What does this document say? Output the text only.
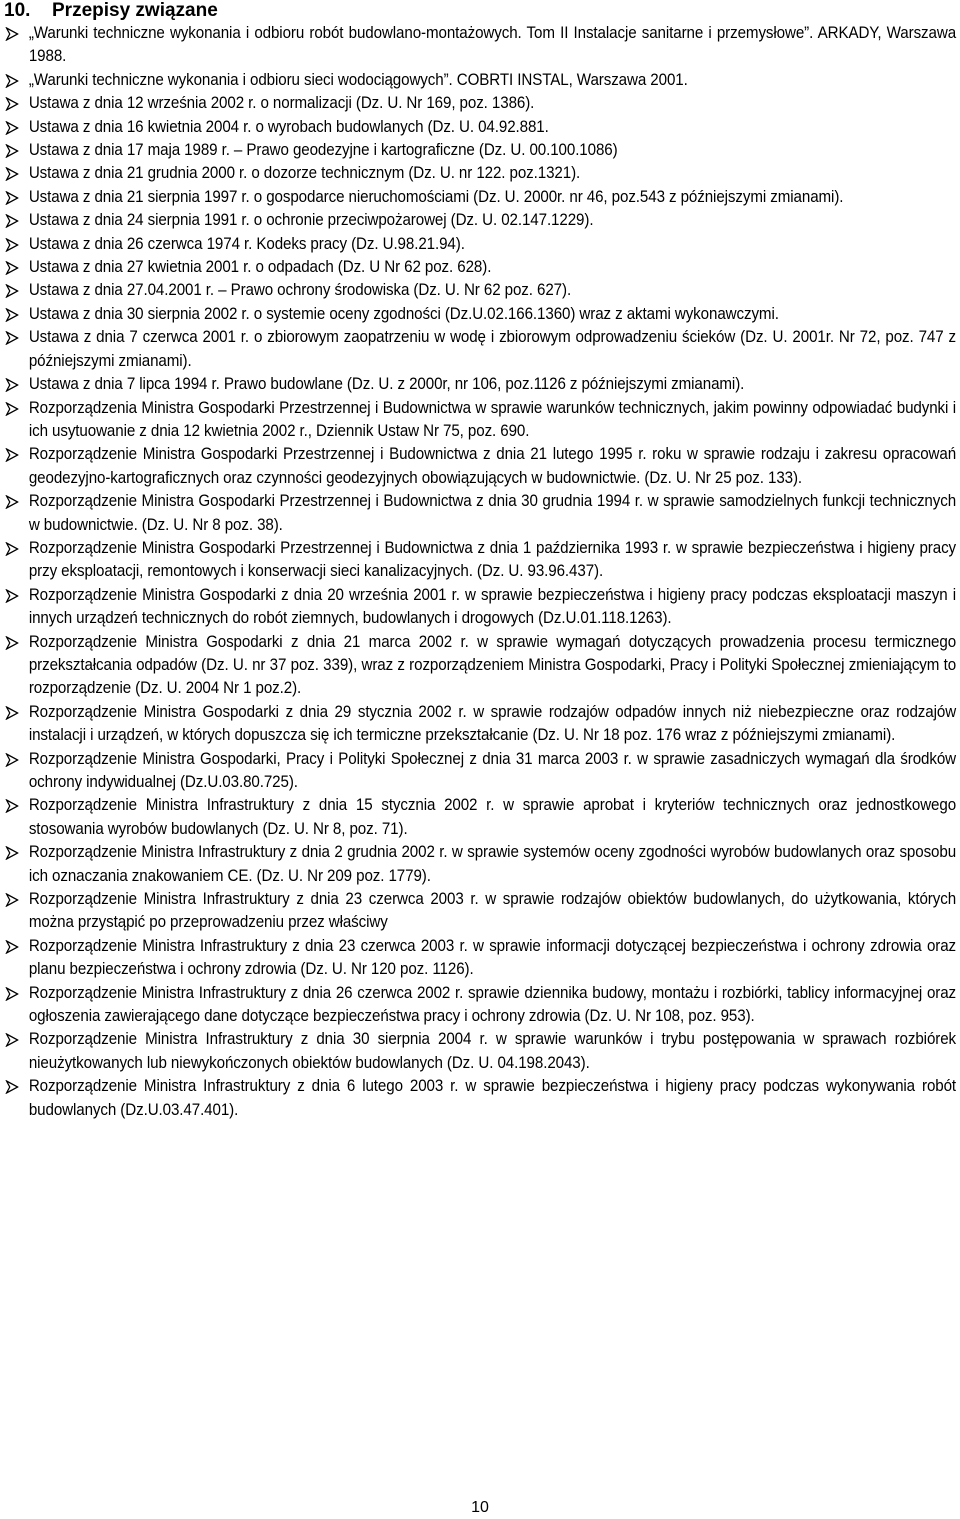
10. Przepisy związane
„Warunki techniczne wykonania i odbioru robót budowlano-montażowych. Tom II Instalacje sanitarne i przemysłowe”. ARKADY, Warszawa 1988.
„Warunki techniczne wykonania i odbioru sieci wodociągowych”. COBRTI INSTAL, Warszawa 2001.
Ustawa z dnia 12 września 2002 r. o normalizacji (Dz. U. Nr 169, poz. 1386).
Ustawa z dnia 16 kwietnia 2004 r. o wyrobach budowlanych (Dz. U. 04.92.881.
Ustawa z dnia 17 maja 1989 r. – Prawo geodezyjne i kartograficzne (Dz. U. 00.100.1086)
Ustawa z dnia 21 grudnia 2000 r. o dozorze technicznym (Dz. U. nr 122. poz.1321).
Ustawa z dnia 21 sierpnia 1997 r. o gospodarce nieruchomościami (Dz. U. 2000r. nr 46, poz.543 z późniejszymi zmianami).
Ustawa z dnia 24 sierpnia 1991 r. o ochronie przeciwpożarowej (Dz. U. 02.147.1229).
Ustawa z dnia 26 czerwca 1974 r. Kodeks pracy (Dz. U.98.21.94).
Ustawa z dnia 27 kwietnia 2001 r. o odpadach (Dz. U Nr 62 poz. 628).
Ustawa z dnia 27.04.2001 r. – Prawo ochrony środowiska (Dz. U. Nr 62 poz. 627).
Ustawa z dnia 30 sierpnia 2002 r. o systemie oceny zgodności (Dz.U.02.166.1360) wraz z aktami wykonawczymi.
Ustawa z dnia 7 czerwca 2001 r. o zbiorowym zaopatrzeniu w wodę i zbiorowym odprowadzeniu ścieków (Dz. U. 2001r. Nr 72, poz. 747 z późniejszymi zmianami).
Ustawa z dnia 7 lipca 1994 r. Prawo budowlane (Dz. U. z 2000r, nr 106, poz.1126 z późniejszymi zmianami).
Rozporządzenia Ministra Gospodarki Przestrzennej i Budownictwa w sprawie warunków technicznych, jakim powinny odpowiadać budynki i ich usytuowanie z dnia 12 kwietnia 2002 r., Dziennik Ustaw Nr 75, poz. 690.
Rozporządzenie Ministra Gospodarki Przestrzennej i Budownictwa z dnia 21 lutego 1995 r. roku w sprawie rodzaju i zakresu opracowań geodezyjno-kartograficznych oraz czynności geodezyjnych obowiązujących w budownictwie. (Dz. U. Nr 25 poz. 133).
Rozporządzenie Ministra Gospodarki Przestrzennej i Budownictwa z dnia 30 grudnia 1994 r. w sprawie samodzielnych funkcji technicznych w budownictwie. (Dz. U. Nr 8 poz. 38).
Rozporządzenie Ministra Gospodarki Przestrzennej i Budownictwa z dnia 1 października 1993 r. w sprawie bezpieczeństwa i higieny pracy przy eksploatacji, remontowych i konserwacji sieci kanalizacyjnych. (Dz. U. 93.96.437).
Rozporządzenie Ministra Gospodarki z dnia 20 września 2001 r. w sprawie bezpieczeństwa i higieny pracy podczas eksploatacji maszyn i innych urządzeń technicznych do robót ziemnych, budowlanych i drogowych (Dz.U.01.118.1263).
Rozporządzenie Ministra Gospodarki z dnia 21 marca 2002 r. w sprawie wymagań dotyczących prowadzenia procesu termicznego przekształcania odpadów (Dz. U. nr 37 poz. 339), wraz z rozporządzeniem Ministra Gospodarki, Pracy i Polityki Społecznej zmieniającym to rozporządzenie (Dz. U. 2004 Nr 1 poz.2).
Rozporządzenie Ministra Gospodarki z dnia 29 stycznia 2002 r. w sprawie rodzajów odpadów innych niż niebezpieczne oraz rodzajów instalacji i urządzeń, w których dopuszcza się ich termiczne przekształcanie (Dz. U. Nr 18 poz. 176 wraz z późniejszymi zmianami).
Rozporządzenie Ministra Gospodarki, Pracy i Polityki Społecznej z dnia 31 marca 2003 r. w sprawie zasadniczych wymagań dla środków ochrony indywidualnej (Dz.U.03.80.725).
Rozporządzenie Ministra Infrastruktury z dnia 15 stycznia 2002 r. w sprawie aprobat i kryteriów technicznych oraz jednostkowego stosowania wyrobów budowlanych (Dz. U. Nr 8, poz. 71).
Rozporządzenie Ministra Infrastruktury z dnia 2 grudnia 2002 r. w sprawie systemów oceny zgodności wyrobów budowlanych oraz sposobu ich oznaczania znakowaniem CE. (Dz. U. Nr 209 poz. 1779).
Rozporządzenie Ministra Infrastruktury z dnia 23 czerwca 2003 r. w sprawie rodzajów obiektów budowlanych, do użytkowania, których można przystąpić po przeprowadzeniu przez właściwy
Rozporządzenie Ministra Infrastruktury z dnia 23 czerwca 2003 r. w sprawie informacji dotyczącej bezpieczeństwa i ochrony zdrowia oraz planu bezpieczeństwa i ochrony zdrowia (Dz. U. Nr 120 poz. 1126).
Rozporządzenie Ministra Infrastruktury z dnia 26 czerwca 2002 r. sprawie dziennika budowy, montażu i rozbiórki, tablicy informacyjnej oraz ogłoszenia zawierającego dane dotyczące bezpieczeństwa pracy i ochrony zdrowia (Dz. U. Nr 108, poz. 953).
Rozporządzenie Ministra Infrastruktury z dnia 30 sierpnia 2004 r. w sprawie warunków i trybu postępowania w sprawach rozbiórek nieużytkowanych lub niewykończonych obiektów budowlanych (Dz. U. 04.198.2043).
Rozporządzenie Ministra Infrastruktury z dnia 6 lutego 2003 r. w sprawie bezpieczeństwa i higieny pracy podczas wykonywania robót budowlanych (Dz.U.03.47.401).
10
